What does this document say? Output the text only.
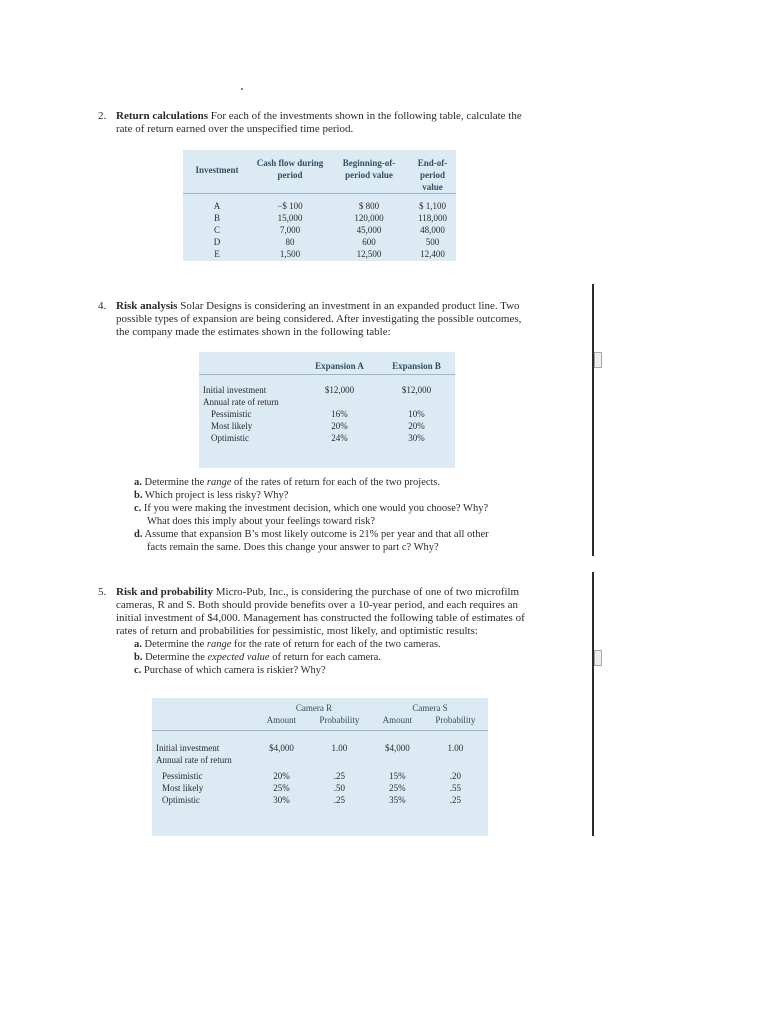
2. Return calculations For each of the investments shown in the following table, calculate the
rate of return earned over the unspecified time period.
Investment	Cash flow during period	Beginning-of-period value	End-of-period value

A	−$ 100	$ 800	$ 1,100
B	15,000	120,000	118,000
C	7,000	45,000	48,000
D	80	600	500
E	1,500	12,500	12,400
4. Risk analysis Solar Designs is considering an investment in an expanded product line. Two
possible types of expansion are being considered. After investigating the possible outcomes,
the company made the estimates shown in the following table:
	Expansion A	Expansion B

Initial investment	$12,000	$12,000
Annual rate of return		
Pessimistic	16%	10%
Most likely	20%	20%
Optimistic	24%	30%
a. Determine the range of the rates of return for each of the two projects.
b. Which project is less risky? Why?
c. If you were making the investment decision, which one would you choose? Why?
What does this imply about your feelings toward risk?
d. Assume that expansion B’s most likely outcome is 21% per year and that all other
facts remain the same. Does this change your answer to part c? Why?
5. Risk and probability Micro-Pub, Inc., is considering the purchase of one of two microfilm
cameras, R and S. Both should provide benefits over a 10-year period, and each requires an
initial investment of $4,000. Management has constructed the following table of estimates of
rates of return and probabilities for pessimistic, most likely, and optimistic results:
a. Determine the range for the rate of return for each of the two cameras.
b. Determine the expected value of return for each camera.
c. Purchase of which camera is riskier? Why?
	Camera R		Camera S	
	Amount	Probability	Amount	Probability

Initial investment	$4,000	1.00	$4,000	1.00
Annual rate of return				

Pessimistic	20%	.25	15%	.20
Most likely	25%	.50	25%	.55
Optimistic	30%	.25	35%	.25
